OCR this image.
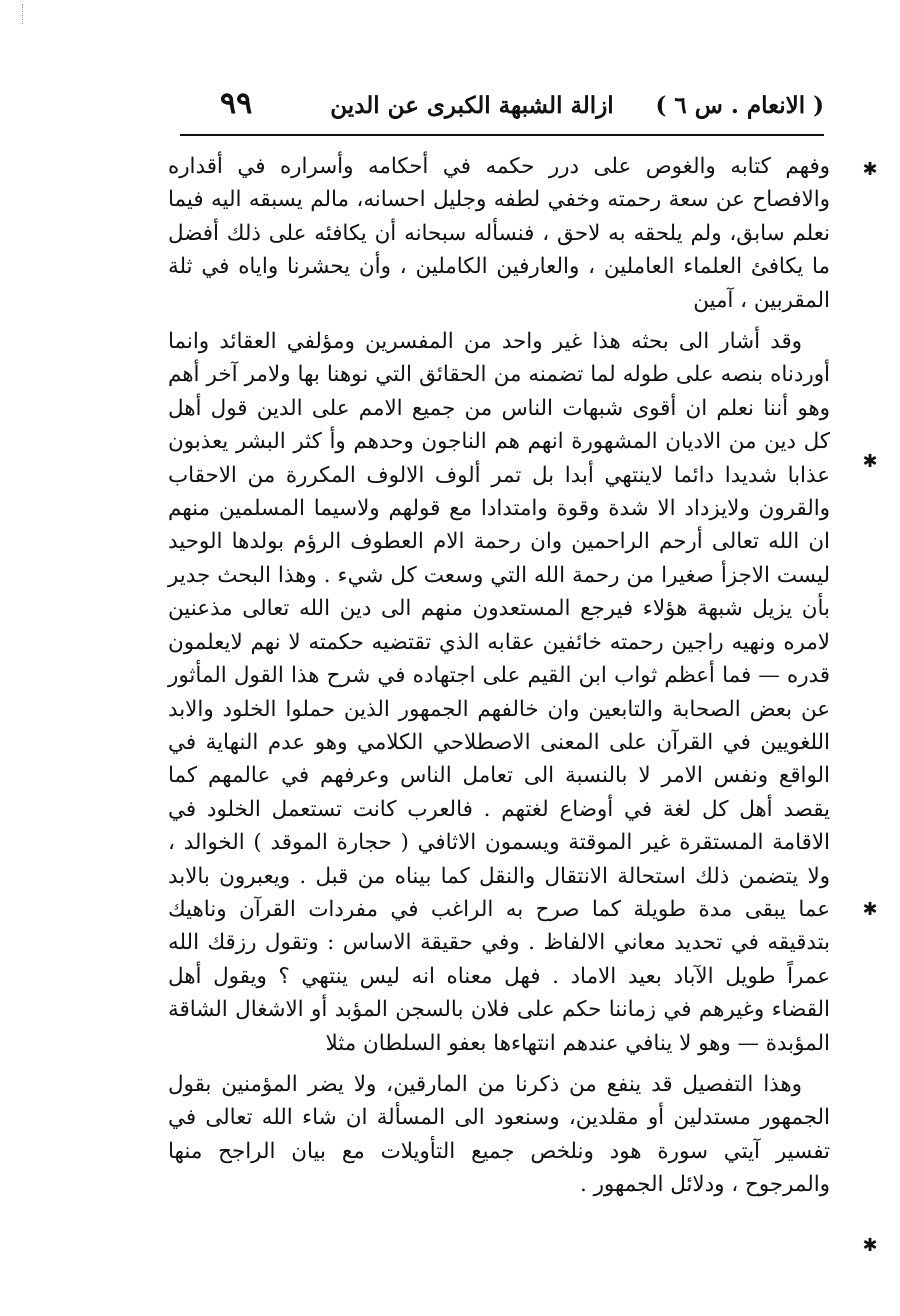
( الانعام . س ٦ )
ازالة الشبهة الكبرى عن الدين
٩٩

وفهم كتابه والغوص على درر حكمه في أحكامه وأسراره في أقداره والافصاح عن سعة رحمته وخفي لطفه وجليل احسانه، مالم يسبقه اليه فيما نعلم سابق، ولم يلحقه به لاحق ، فنسأله سبحانه أن يكافئه على ذلك أفضل ما يكافئ العلماء العاملين ، والعارفين الكاملين ، وأن يحشرنا واياه في ثلة المقربين ، آمين

وقد أشار الى بحثه هذا غير واحد من المفسرين ومؤلفي العقائد وانما أوردناه بنصه على طوله لما تضمنه من الحقائق التي نوهنا بها ولامر آخر أهم وهو أننا نعلم ان أقوى شبهات الناس من جميع الامم على الدين قول أهل كل دين من الاديان المشهورة انهم هم الناجون وحدهم وأ كثر البشر يعذبون عذابا شديدا دائما لاينتهي أبدا بل تمر ألوف الالوف المكررة من الاحقاب والقرون ولايزداد الا شدة وقوة وامتدادا مع قولهم ولاسيما المسلمين منهم ان الله تعالى أرحم الراحمين وان رحمة الام العطوف الرؤم بولدها الوحيد ليست الاجزأ صغيرا من رحمة الله التي وسعت كل شيء . وهذا البحث جدير بأن يزيل شبهة هؤلاء فيرجع المستعدون منهم الى دين الله تعالى مذعنين لامره ونهيه راجين رحمته خائفين عقابه الذي تقتضيه حكمته لا نهم لايعلمون قدره — فما أعظم ثواب ابن القيم على اجتهاده في شرح هذا القول المأثور عن بعض الصحابة والتابعين وان خالفهم الجمهور الذين حملوا الخلود والابد اللغويين في القرآن على المعنى الاصطلاحي الكلامي وهو عدم النهاية في الواقع ونفس الامر لا بالنسبة الى تعامل الناس وعرفهم في عالمهم كما يقصد أهل كل لغة في أوضاع لغتهم . فالعرب كانت تستعمل الخلود في الاقامة المستقرة غير الموقتة ويسمون الاثافي ( حجارة الموقد ) الخوالد ، ولا يتضمن ذلك استحالة الانتقال والنقل كما بيناه من قبل . ويعبرون بالابد عما يبقى مدة طويلة كما صرح به الراغب في مفردات القرآن وناهيك بتدقيقه في تحديد معاني الالفاظ . وفي حقيقة الاساس : وتقول رزقك الله عمراً طويل الآباد بعيد الاماد . فهل معناه انه ليس ينتهي ؟ ويقول أهل القضاء وغيرهم في زماننا حكم على فلان بالسجن المؤبد أو الاشغال الشاقة المؤبدة — وهو لا ينافي عندهم انتهاءها بعفو السلطان مثلا

وهذا التفصيل قد ينفع من ذكرنا من المارقين، ولا يضر المؤمنين بقول الجمهور مستدلين أو مقلدين، وسنعود الى المسألة ان شاء الله تعالى في تفسير آيتي سورة هود ونلخص جميع التأويلات مع بيان الراجح منها والمرجوح ، ودلائل الجمهور .

✱
✱
✱
✱
